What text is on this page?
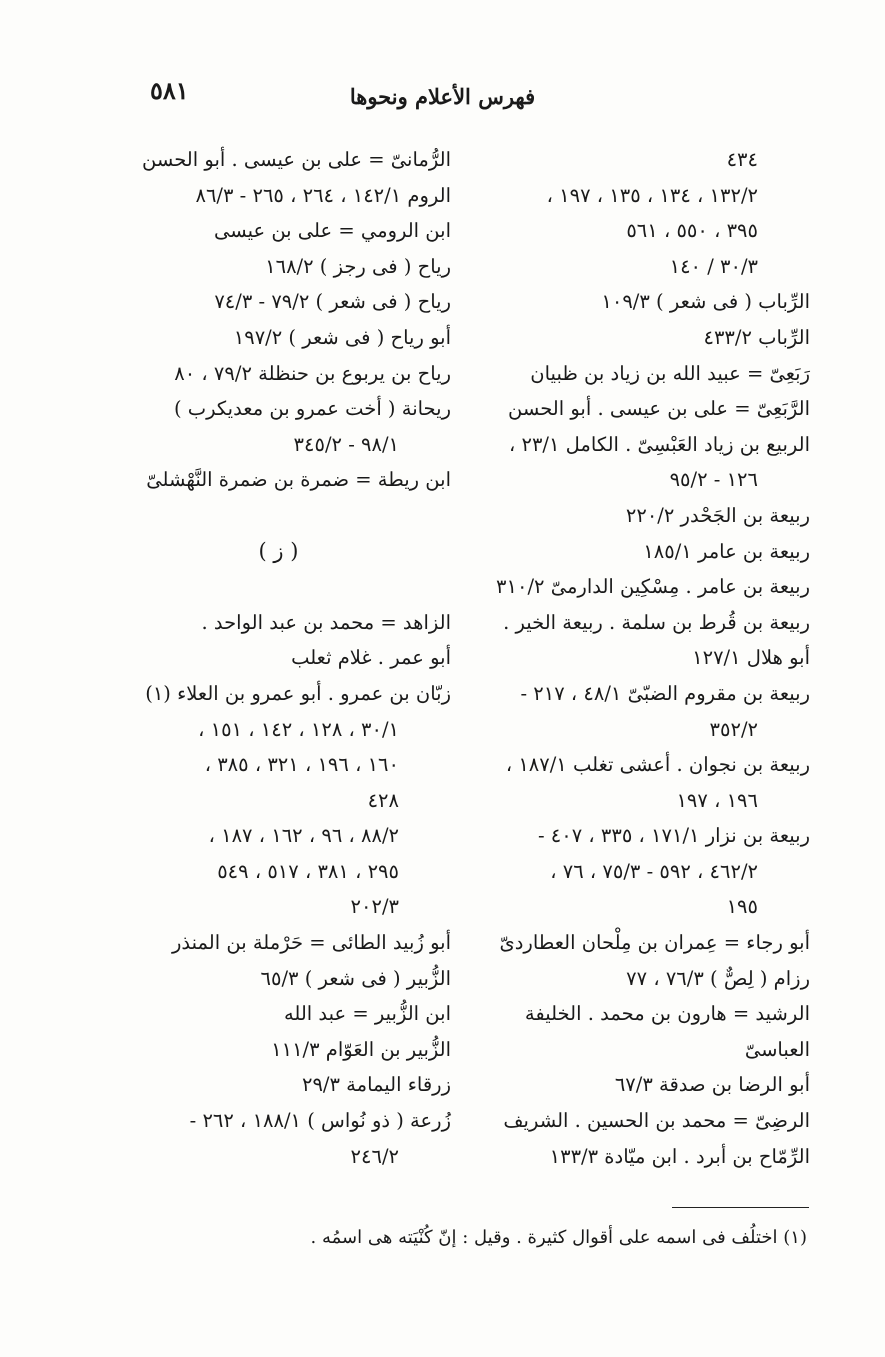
فهرس الأعلام ونحوها
٥٨١
٤٣٤
١٣٢/٢ ، ١٣٤ ، ١٣٥ ، ١٩٧ ،
٣٩٥ ، ٥٥٠ ، ٥٦١
٣٠/٣ / ١٤٠
الرِّباب ( فى شعر ) ١٠٩/٣
الرِّباب ٤٣٣/٢
رَبَعِىّ = عبيد الله بن زياد بن ظبيان
الرَّبَعِىّ = على بن عيسى . أبو الحسن
الربيع بن زياد العَبْسِىّ . الكامل ٢٣/١ ،
١٢٦ - ٩٥/٢
ربيعة بن الجَحْدر ٢٢٠/٢
ربيعة بن عامر ١٨٥/١
ربيعة بن عامر . مِسْكِين الدارمىّ ٣١٠/٢
ربيعة بن قُرط بن سلمة . ربيعة الخير .
أبو هلال ١٢٧/١
ربيعة بن مقروم الضبّىّ ٤٨/١ ، ٢١٧ -
٣٥٢/٢
ربيعة بن نجوان . أعشى تغلب ١٨٧/١ ،
١٩٦ ، ١٩٧
ربيعة بن نزار ١٧١/١ ، ٣٣٥ ، ٤٠٧ -
٤٦٢/٢ ، ٥٩٢ - ٧٥/٣ ، ٧٦ ،
١٩٥
أبو رجاء = عِمران بن مِلْحان العطاردىّ
رزام ( لِصٌّ ) ٧٦/٣ ، ٧٧
الرشيد = هارون بن محمد . الخليفة
العباسىّ
أبو الرضا بن صدقة ٦٧/٣
الرضِىّ = محمد بن الحسين . الشريف
الرِّمّاح بن أبرد . ابن ميّادة ١٣٣/٣
الرُّمانىّ = على بن عيسى . أبو الحسن
الروم ١٤٢/١ ، ٢٦٤ ، ٢٦٥ - ٨٦/٣
ابن الرومي = على بن عيسى
رياح ( فى رجز ) ١٦٨/٢
رياح ( فى شعر ) ٧٩/٢ - ٧٤/٣
أبو رياح ( فى شعر ) ١٩٧/٢
رياح بن يربوع بن حنظلة ٧٩/٢ ، ٨٠
ريحانة ( أخت عمرو بن معديكرب )
٩٨/١ - ٣٤٥/٢
ابن ريطة = ضمرة بن ضمرة النَّهْشلىّ
( ز )
الزاهد = محمد بن عبد الواحد .
أبو عمر . غلام ثعلب
زبّان بن عمرو . أبو عمرو بن العلاء (١)
٣٠/١ ، ١٢٨ ، ١٤٢ ، ١٥١ ،
١٦٠ ، ١٩٦ ، ٣٢١ ، ٣٨٥ ،
٤٢٨
٨٨/٢ ، ٩٦ ، ١٦٢ ، ١٨٧ ،
٢٩٥ ، ٣٨١ ، ٥١٧ ، ٥٤٩
٢٠٢/٣
أبو زُبيد الطائى = حَرْملة بن المنذر
الزُّبير ( فى شعر ) ٦٥/٣
ابن الزُّبير = عبد الله
الزُّبير بن العَوّام ١١١/٣
زرقاء اليمامة ٢٩/٣
زُرعة ( ذو نُواس ) ١٨٨/١ ، ٢٦٢ -
٢٤٦/٢
(١) اختلُف فى اسمه على أقوال كثيرة . وقيل : إنّ كُنْيَته هى اسمُه .
